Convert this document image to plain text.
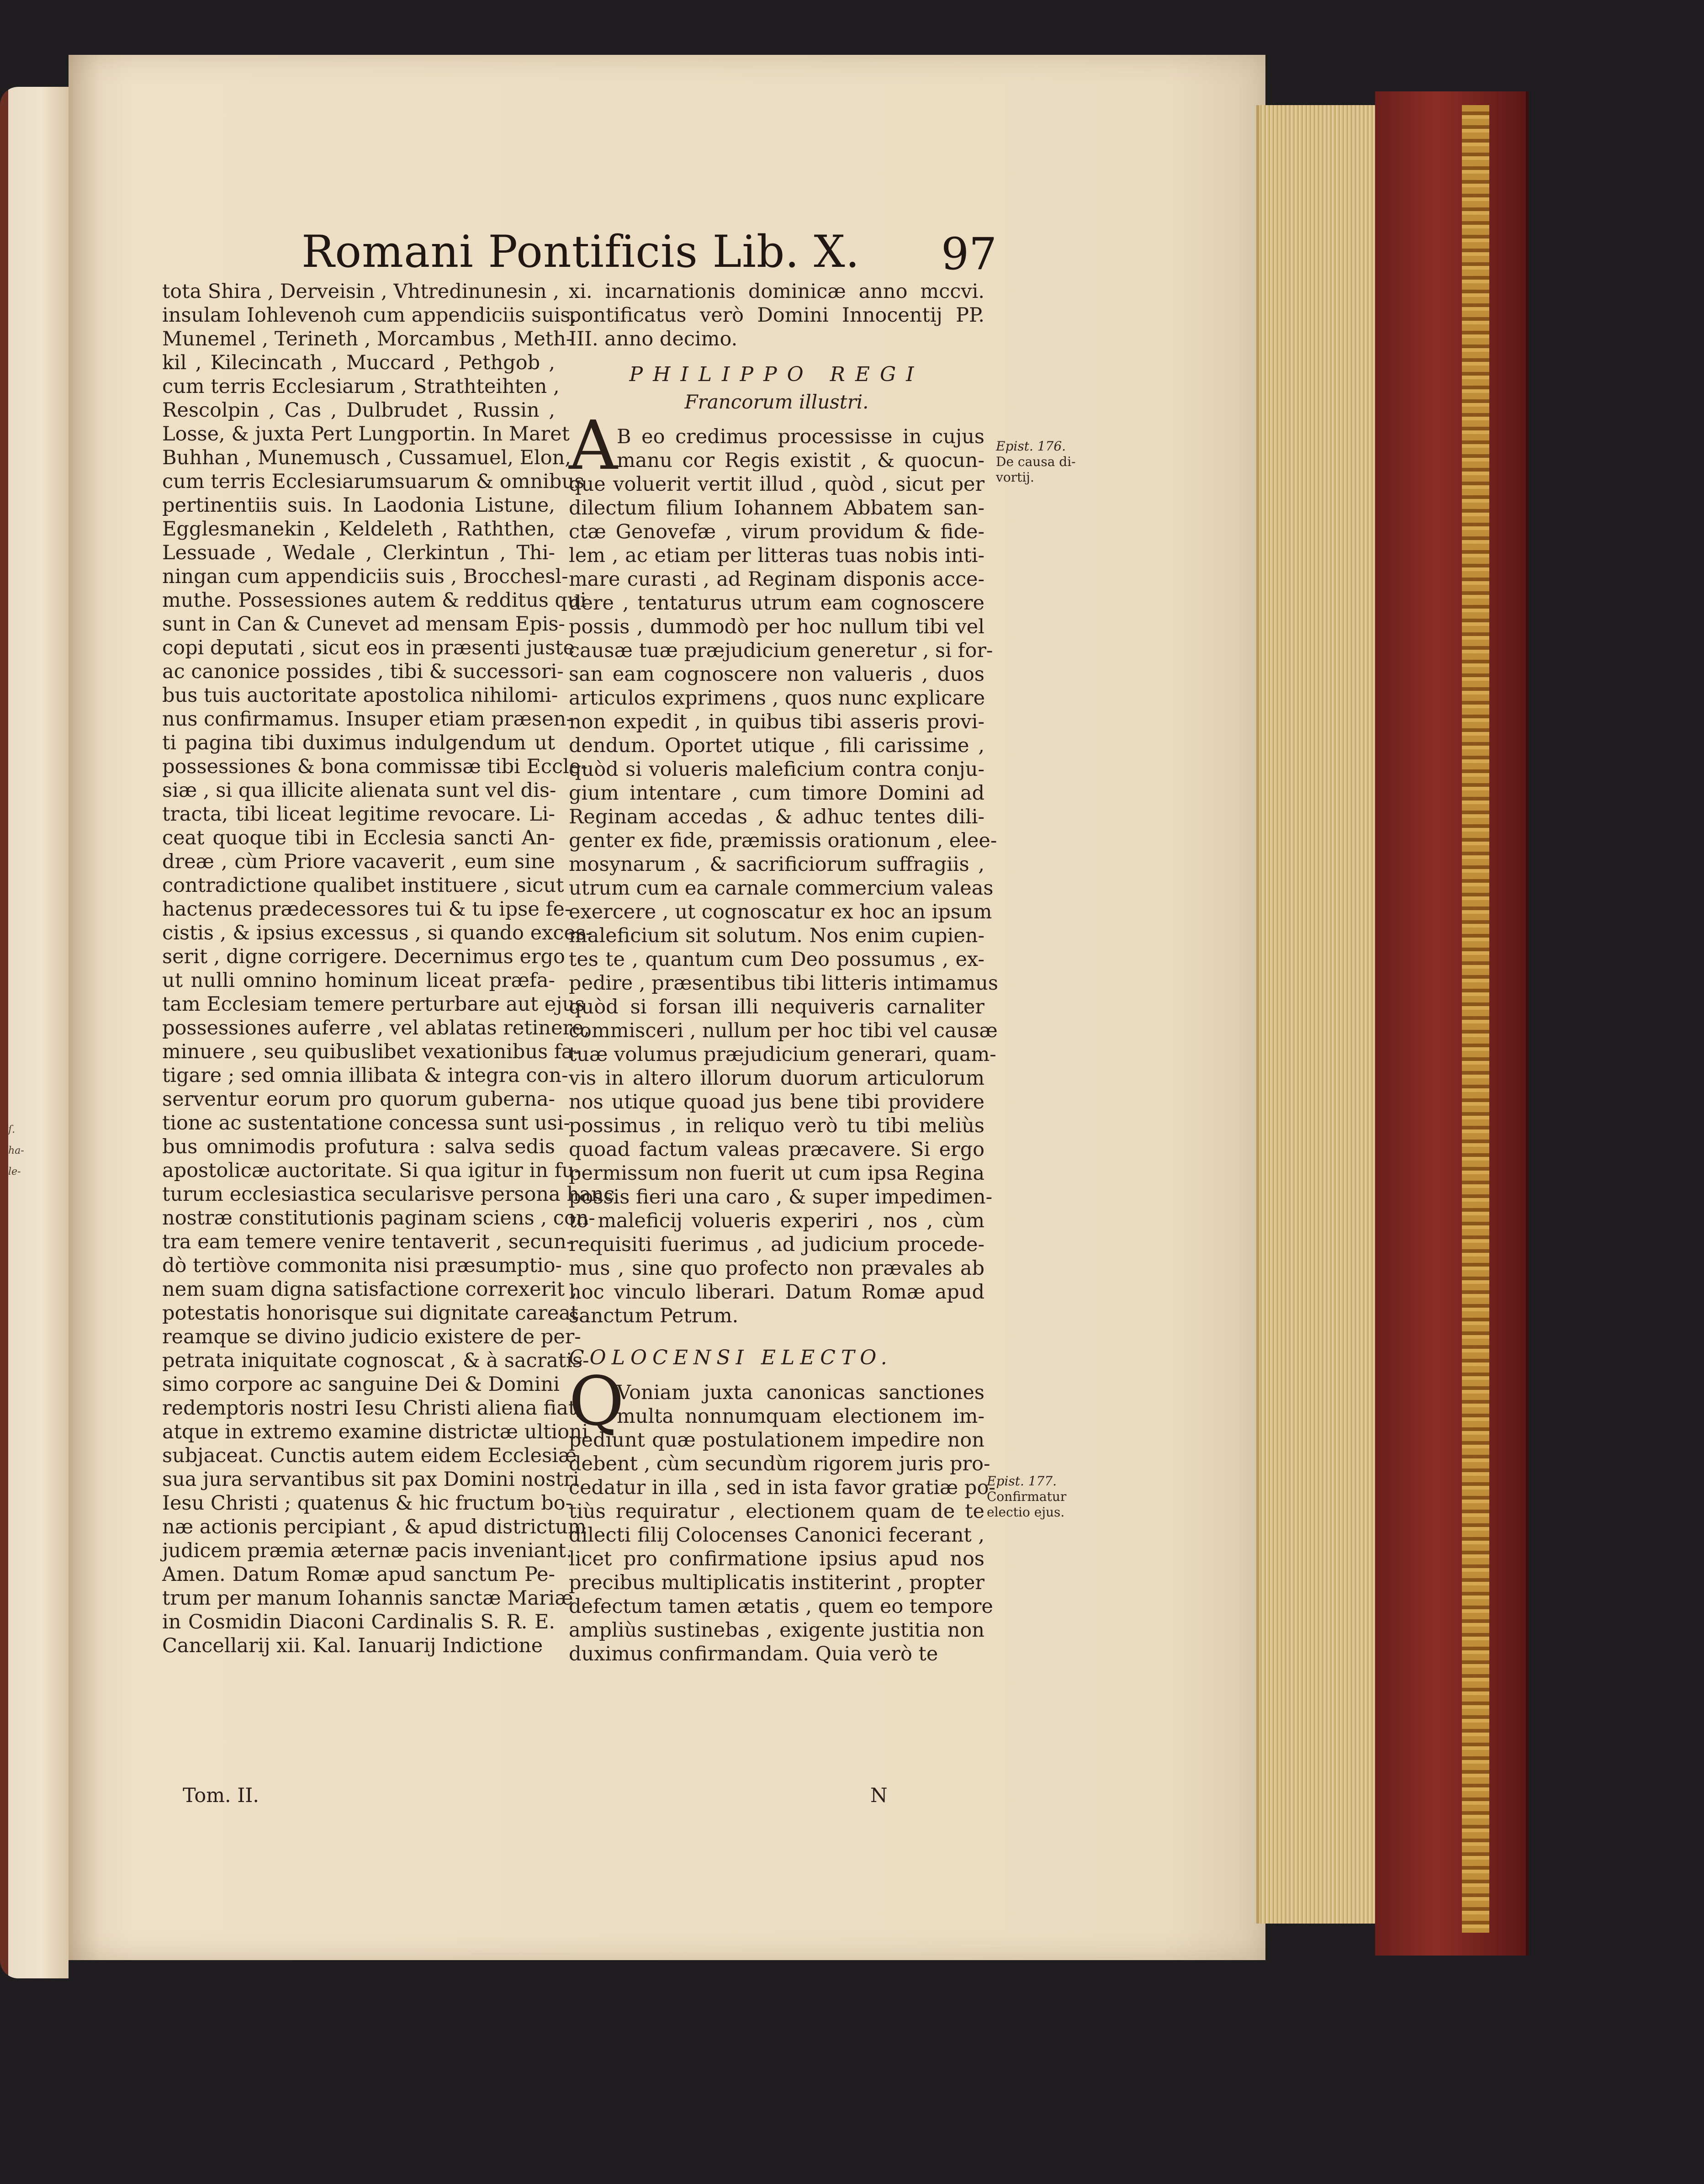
ſ.
ha-
le-
Romani Pontificis Lib. X. 97
tota Shira , Derveisin , Vhtredinunesin ,
insulam Iohlevenoh cum appendiciis suis,
Munemel , Terineth , Morcambus , Meth-
kil , Kilecincath , Muccard , Pethgob ,
cum terris Ecclesiarum , Strathteihten ,
Rescolpin , Cas , Dulbrudet , Russin ,
Losse, & juxta Pert Lungportin. In Maret
Buhhan , Munemusch , Cussamuel, Elon,
cum terris Ecclesiarumsuarum & omnibus
pertinentiis suis. In Laodonia Listune,
Egglesmanekin , Keldeleth , Raththen,
Lessuade , Wedale , Clerkintun , Thi-
ningan cum appendiciis suis , Brocchesl-
muthe. Possessiones autem & redditus qui
sunt in Can & Cunevet ad mensam Epis-
copi deputati , sicut eos in præsenti juste
ac canonice possides , tibi & successori-
bus tuis auctoritate apostolica nihilomi-
nus confirmamus. Insuper etiam præsen-
ti pagina tibi duximus indulgendum ut
possessiones & bona commissæ tibi Eccle-
siæ , si qua illicite alienata sunt vel dis-
tracta, tibi liceat legitime revocare. Li-
ceat quoque tibi in Ecclesia sancti An-
dreæ , cùm Priore vacaverit , eum sine
contradictione qualibet instituere , sicut
hactenus prædecessores tui & tu ipse fe-
cistis , & ipsius excessus , si quando exces-
serit , digne corrigere. Decernimus ergo
ut nulli omnino hominum liceat præfa-
tam Ecclesiam temere perturbare aut ejus
possessiones auferre , vel ablatas retinere,
minuere , seu quibuslibet vexationibus fa-
tigare ; sed omnia illibata & integra con-
serventur eorum pro quorum guberna-
tione ac sustentatione concessa sunt usi-
bus omnimodis profutura : salva sedis
apostolicæ auctoritate. Si qua igitur in fu-
turum ecclesiastica secularisve persona hanc
nostræ constitutionis paginam sciens , con-
tra eam temere venire tentaverit , secun-
dò tertiòve commonita nisi præsumptio-
nem suam digna satisfactione correxerit ,
potestatis honorisque sui dignitate careat ,
reamque se divino judicio existere de per-
petrata iniquitate cognoscat , & à sacratis-
simo corpore ac sanguine Dei & Domini
redemptoris nostri Iesu Christi aliena fiat,
atque in extremo examine districtæ ultioni
subjaceat. Cunctis autem eidem Ecclesiæ
sua jura servantibus sit pax Domini nostri
Iesu Christi ; quatenus & hic fructum bo-
næ actionis percipiant , & apud districtum
judicem præmia æternæ pacis inveniant.
Amen. Datum Romæ apud sanctum Pe-
trum per manum Iohannis sanctæ Mariæ
in Cosmidin Diaconi Cardinalis S. R. E.
Cancellarij xii. Kal. Ianuarij Indictione
xi. incarnationis dominicæ anno mccvi.
pontificatus verò Domini Innocentij PP.
III. anno decimo.
PHILIPPO REGI
Francorum illustri.
A
B eo credimus processisse in cujus
manu cor Regis existit , & quocun-
que voluerit vertit illud , quòd , sicut per
dilectum filium Iohannem Abbatem san-
ctæ Genovefæ , virum providum & fide-
lem , ac etiam per litteras tuas nobis inti-
mare curasti , ad Reginam disponis acce-
dere , tentaturus utrum eam cognoscere
possis , dummodò per hoc nullum tibi vel
causæ tuæ præjudicium generetur , si for-
san eam cognoscere non valueris , duos
articulos exprimens , quos nunc explicare
non expedit , in quibus tibi asseris provi-
dendum. Oportet utique , fili carissime ,
quòd si volueris maleficium contra conju-
gium intentare , cum timore Domini ad
Reginam accedas , & adhuc tentes dili-
genter ex fide, præmissis orationum , elee-
mosynarum , & sacrificiorum suffragiis ,
utrum cum ea carnale commercium valeas
exercere , ut cognoscatur ex hoc an ipsum
maleficium sit solutum. Nos enim cupien-
tes te , quantum cum Deo possumus , ex-
pedire , præsentibus tibi litteris intimamus
quòd si forsan illi nequiveris carnaliter
commisceri , nullum per hoc tibi vel causæ
tuæ volumus præjudicium generari, quam-
vis in altero illorum duorum articulorum
nos utique quoad jus bene tibi providere
possimus , in reliquo verò tu tibi meliùs
quoad factum valeas præcavere. Si ergo
permissum non fuerit ut cum ipsa Regina
possis fieri una caro , & super impedimen-
to maleficij volueris experiri , nos , cùm
requisiti fuerimus , ad judicium procede-
mus , sine quo profecto non prævales ab
hoc vinculo liberari. Datum Romæ apud
sanctum Petrum.
COLOCENSI ELECTO.
Q
Voniam juxta canonicas sanctiones
multa nonnumquam electionem im-
pediunt quæ postulationem impedire non
debent , cùm secundùm rigorem juris pro-
cedatur in illa , sed in ista favor gratiæ po-
tiùs requiratur , electionem quam de te
dilecti filij Colocenses Canonici fecerant ,
licet pro confirmatione ipsius apud nos
precibus multiplicatis institerint , propter
defectum tamen ætatis , quem eo tempore
ampliùs sustinebas , exigente justitia non
duximus confirmandam. Quia verò te
Epist. 176.
De causa di-
vortij.
Epist. 177.
Confirmatur
electio ejus.
Tom. II.	N
